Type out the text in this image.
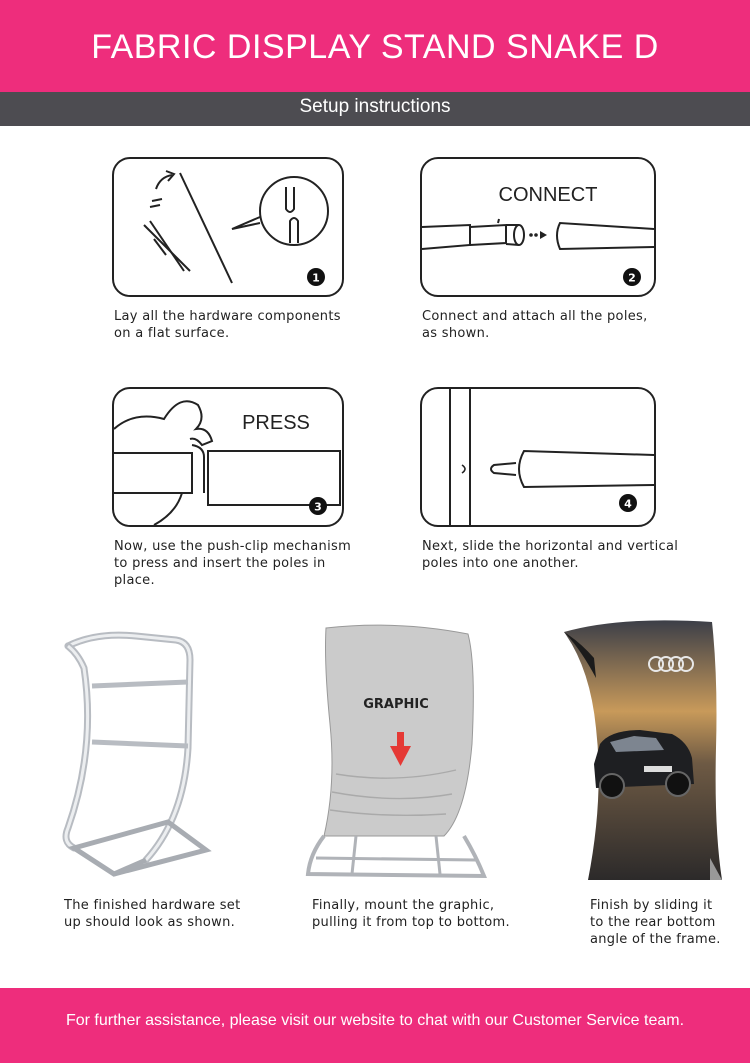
FABRIC DISPLAY STAND SNAKE D
Setup instructions
1
Lay all the hardware components
on a flat surface.
CONNECT
2
Connect and attach all the poles,
as shown.
PRESS
3
Now, use the push-clip mechanism
to press and insert the poles in
place.
4
Next, slide the horizontal and vertical
poles into one another.
The finished hardware set
up should look as shown.
GRAPHIC
Finally, mount the graphic,
pulling it from top to bottom.
Finish by sliding it
to the rear bottom
angle of the frame.
For further assistance, please visit our website to chat with our Customer Service team.
